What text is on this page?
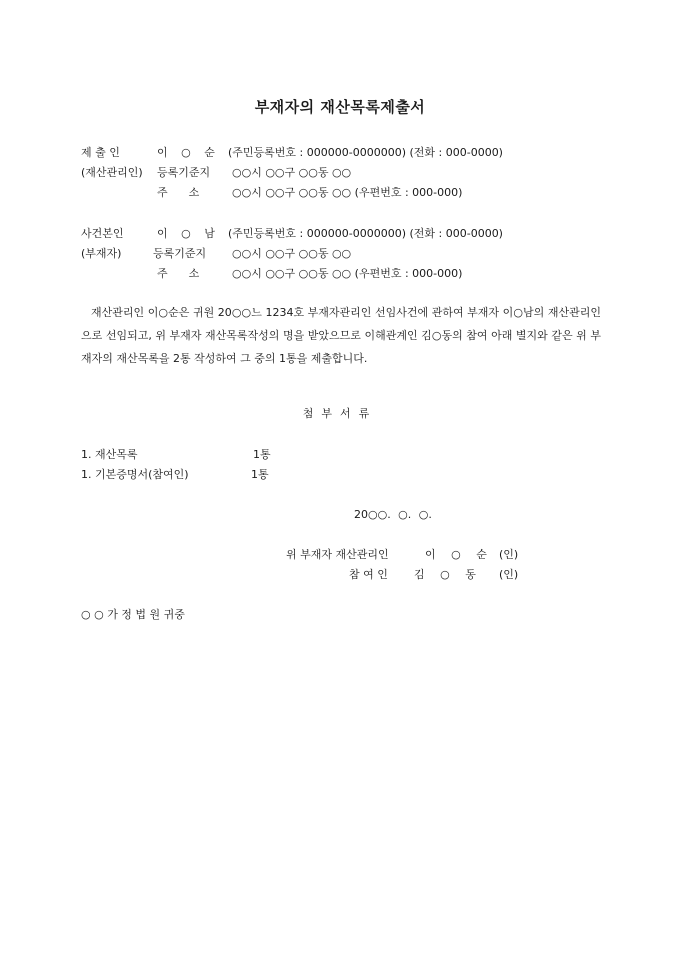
부재자의 재산목록제출서
제 출 인	이 ○ 순 (주민등록번호 : 000000-0000000) (전화 : 000-0000)
(재산관리인) 등록기준지 ○○시 ○○구 ○○동 ○○
주      소	○○시 ○○구 ○○동 ○○ (우편번호 : 000-000)
사건본인	이 ○ 남 (주민등록번호 : 000000-0000000) (전화 : 000-0000)
(부재자)	등록기준지 ○○시 ○○구 ○○동 ○○
주      소	○○시 ○○구 ○○동 ○○ (우편번호 : 000-000)
재산관리인 이○순은 귀원 20○○느 1234호 부재자관리인 선임사건에 관하여 부재자 이○남의 재산관리인으로 선임되고, 위 부재자 재산목록작성의 명을 받았으므로 이해관계인 김○동의 참여 아래 별지와 같은 위 부재자의 재산목록을 2통 작성하여 그 중의 1통을 제출합니다.
첨부서류
1. 재산목록	1통
1. 기본증명서(참여인)	1통
20○○. ○. ○.
위 부재자 재산관리인	이 ○ 순 (인)
참 여 인 김 ○ 동 (인)
○ ○ 가 정 법 원 귀중
